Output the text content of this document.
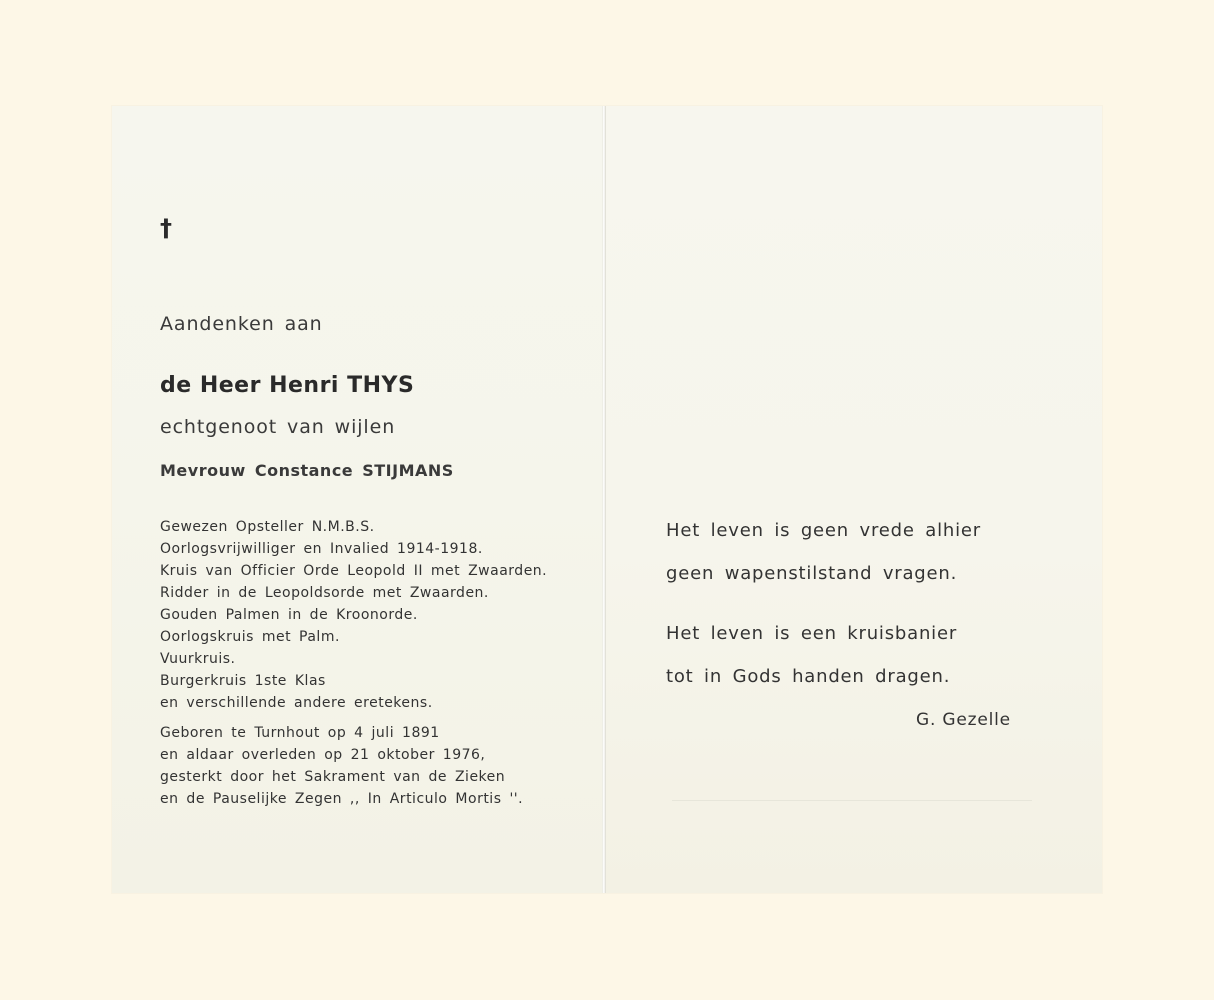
†

Aandenken aan

de Heer Henri THYS

echtgenoot van wijlen

Mevrouw Constance STIJMANS

Gewezen Opsteller N.M.B.S.
Oorlogsvrijwilliger en Invalied 1914-1918.
Kruis van Officier Orde Leopold II met Zwaarden.
Ridder in de Leopoldsorde met Zwaarden.
Gouden Palmen in de Kroonorde.
Oorlogskruis met Palm.
Vuurkruis.
Burgerkruis 1ste Klas
en verschillende andere eretekens.
Geboren te Turnhout op 4 juli 1891
en aldaar overleden op 21 oktober 1976,
gesterkt door het Sakrament van de Zieken
en de Pauselijke Zegen ,, In Articulo Mortis ''.

Het leven is geen vrede alhier

geen wapenstilstand vragen.

Het leven is een kruisbanier

tot in Gods handen dragen.

G. Gezelle
